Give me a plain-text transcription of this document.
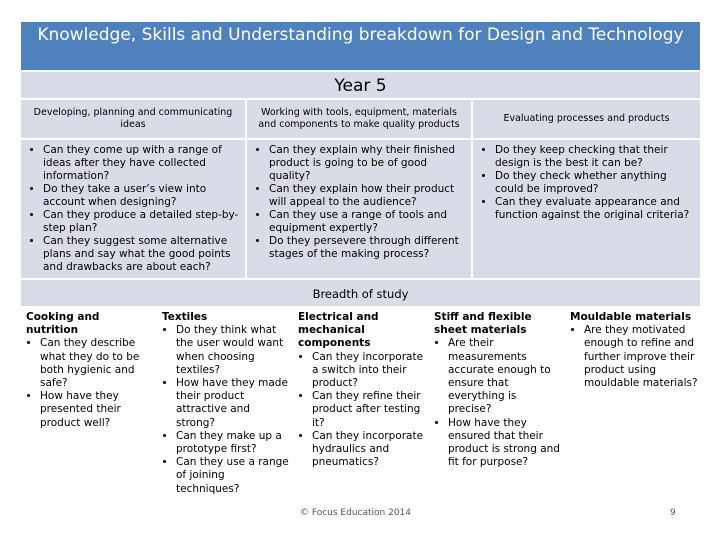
Knowledge, Skills and Understanding breakdown for Design and Technology
Year 5
Developing, planning and communicating ideas
• Can they come up with a range of ideas after they have collected information?
• Do they take a user’s view into account when designing?
• Can they produce a detailed step-by-step plan?
• Can they suggest some alternative plans and say what the good points and drawbacks are about each?
Working with tools, equipment, materials and components to make quality products
• Can they explain why their finished product is going to be of good quality?
• Can they explain how their product will appeal to the audience?
• Can they use a range of tools and equipment expertly?
• Do they persevere through different stages of the making process?
Evaluating processes and products
• Do they keep checking that their design is the best it can be?
• Do they check whether anything could be improved?
• Can they evaluate appearance and function against the original criteria?
Breadth of study
Cooking and nutrition
• Can they describe what they do to be both hygienic and safe?
• How have they presented their product well?
Textiles
• Do they think what the user would want when choosing textiles?
• How have they made their product attractive and strong?
• Can they make up a prototype first?
• Can they use a range of joining techniques?
Electrical and mechanical components
• Can they incorporate a switch into their product?
• Can they refine their product after testing it?
• Can they incorporate hydraulics and pneumatics?
Stiff and flexible sheet materials
• Are their measurements accurate enough to ensure that everything is precise?
• How have they ensured that their product is strong and fit for purpose?
Mouldable materials
• Are they motivated enough to refine and further improve their product using mouldable materials?
© Focus Education 2014	9
